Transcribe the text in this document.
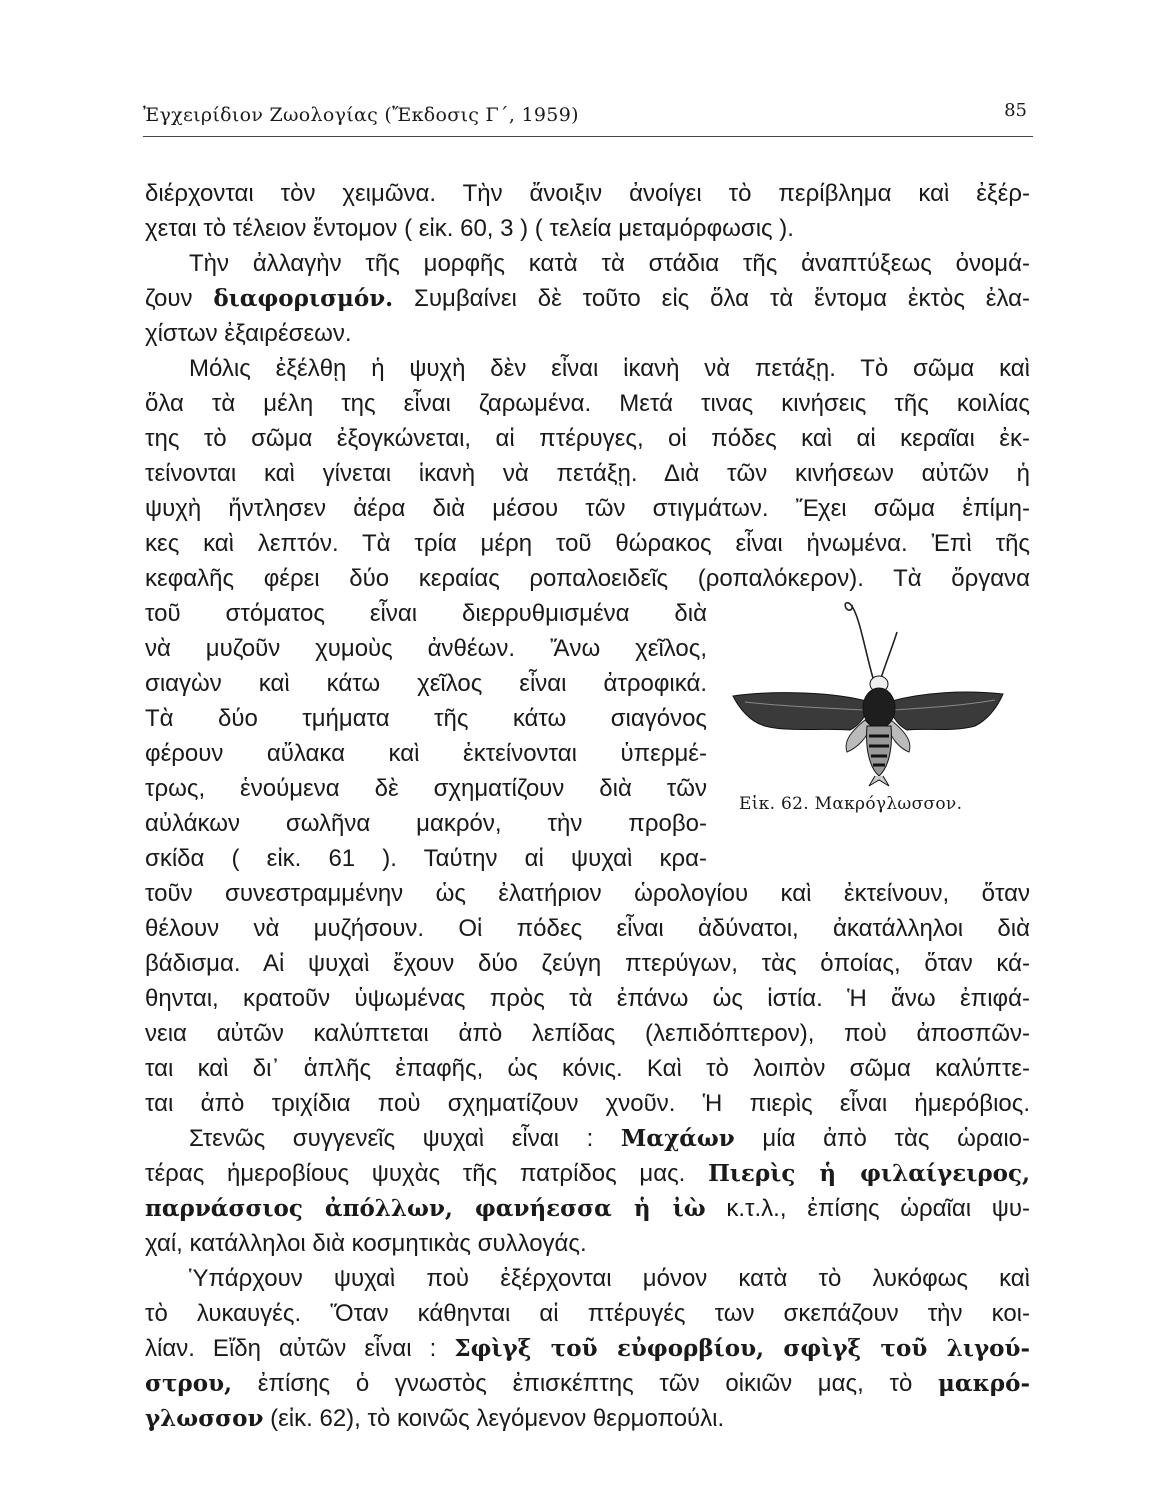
Ἐγχειρίδιον Ζωολογίας (Ἔκδοσις Γ΄, 1959)	85
διέρχονται τὸν χειμῶνα. Τὴν ἄνοιξιν ἀνοίγει τὸ περίβλημα καὶ ἐξέρ-
χεται τὸ τέλειον ἔντομον ( εἰκ. 60, 3 ) ( τελεία μεταμόρφωσις ).
Τὴν ἀλλαγὴν τῆς μορφῆς κατὰ τὰ στάδια τῆς ἀναπτύξεως ὀνομά-
ζουν διαφορισμόν. Συμβαίνει δὲ τοῦτο εἰς ὅλα τὰ ἔντομα ἐκτὸς ἐλα-
χίστων ἐξαιρέσεων.
Μόλις ἐξέλθῃ ἡ ψυχὴ δὲν εἶναι ἱκανὴ νὰ πετάξῃ. Τὸ σῶμα καὶ
ὅλα τὰ μέλη της εἶναι ζαρωμένα. Μετά τινας κινήσεις τῆς κοιλίας
της τὸ σῶμα ἐξογκώνεται, αἱ πτέρυγες, οἱ πόδες καὶ αἱ κεραῖαι ἐκ-
τείνονται καὶ γίνεται ἱκανὴ νὰ πετάξῃ. Διὰ τῶν κινήσεων αὐτῶν ἡ
ψυχὴ ἤντλησεν ἀέρα διὰ μέσου τῶν στιγμάτων. Ἔχει σῶμα ἐπίμη-
κες καὶ λεπτόν. Τὰ τρία μέρη τοῦ θώρακος εἶναι ἡνωμένα. Ἐπὶ τῆς
κεφαλῆς φέρει δύο κεραίας ροπαλοειδεῖς (ροπαλόκερον). Τὰ ὄργανα
τοῦ στόματος εἶναι διερρυθμισμένα διὰ
νὰ μυζοῦν χυμοὺς ἀνθέων. Ἄνω χεῖλος,
σιαγὼν καὶ κάτω χεῖλος εἶναι ἀτροφικά.
Τὰ δύο τμήματα τῆς κάτω σιαγόνος
φέρουν αὔλακα καὶ ἐκτείνονται ὑπερμέ-
τρως, ἑνούμενα δὲ σχηματίζουν διὰ τῶν
αὐλάκων σωλῆνα μακρόν, τὴν προβο-
σκίδα ( εἰκ. 61 ). Ταύτην αἱ ψυχαὶ κρα-
τοῦν συνεστραμμένην ὡς ἐλατήριον ὡρολογίου καὶ ἐκτείνουν, ὅταν
θέλουν νὰ μυζήσουν. Οἱ πόδες εἶναι ἀδύνατοι, ἀκατάλληλοι διὰ
βάδισμα. Αἱ ψυχαὶ ἔχουν δύο ζεύγη πτερύγων, τὰς ὁποίας, ὅταν κά-
θηνται, κρατοῦν ὑψωμένας πρὸς τὰ ἐπάνω ὡς ἱστία. Ἡ ἄνω ἐπιφά-
νεια αὐτῶν καλύπτεται ἀπὸ λεπίδας (λεπιδόπτερον), ποὺ ἀποσπῶν-
ται καὶ δι᾽ ἁπλῆς ἐπαφῆς, ὡς κόνις. Καὶ τὸ λοιπὸν σῶμα καλύπτε-
ται ἀπὸ τριχίδια ποὺ σχηματίζουν χνοῦν. Ἡ πιερὶς εἶναι ἡμερόβιος.
Στενῶς συγγενεῖς ψυχαὶ εἶναι : Μαχάων μία ἀπὸ τὰς ὡραιο-
τέρας ἡμεροβίους ψυχὰς τῆς πατρίδος μας. Πιερὶς ἡ φιλαίγειρος,
παρνάσσιος ἀπόλλων, φανήεσσα ἡ ἰὼ κ.τ.λ., ἐπίσης ὡραῖαι ψυ-
χαί, κατάλληλοι διὰ κοσμητικὰς συλλογάς.
Ὑπάρχουν ψυχαὶ ποὺ ἐξέρχονται μόνον κατὰ τὸ λυκόφως καὶ
τὸ λυκαυγές. Ὅταν κάθηνται αἱ πτέρυγές των σκεπάζουν τὴν κοι-
λίαν. Εἴδη αὐτῶν εἶναι : Σφὶγξ τοῦ εὐφορβίου, σφὶγξ τοῦ λιγού-
στρου, ἐπίσης ὁ γνωστὸς ἐπισκέπτης τῶν οἰκιῶν μας, τὸ μακρό-
γλωσσον (εἰκ. 62), τὸ κοινῶς λεγόμενον θερμοπούλι.
Εἰκ. 62. Μακρόγλωσσον.
